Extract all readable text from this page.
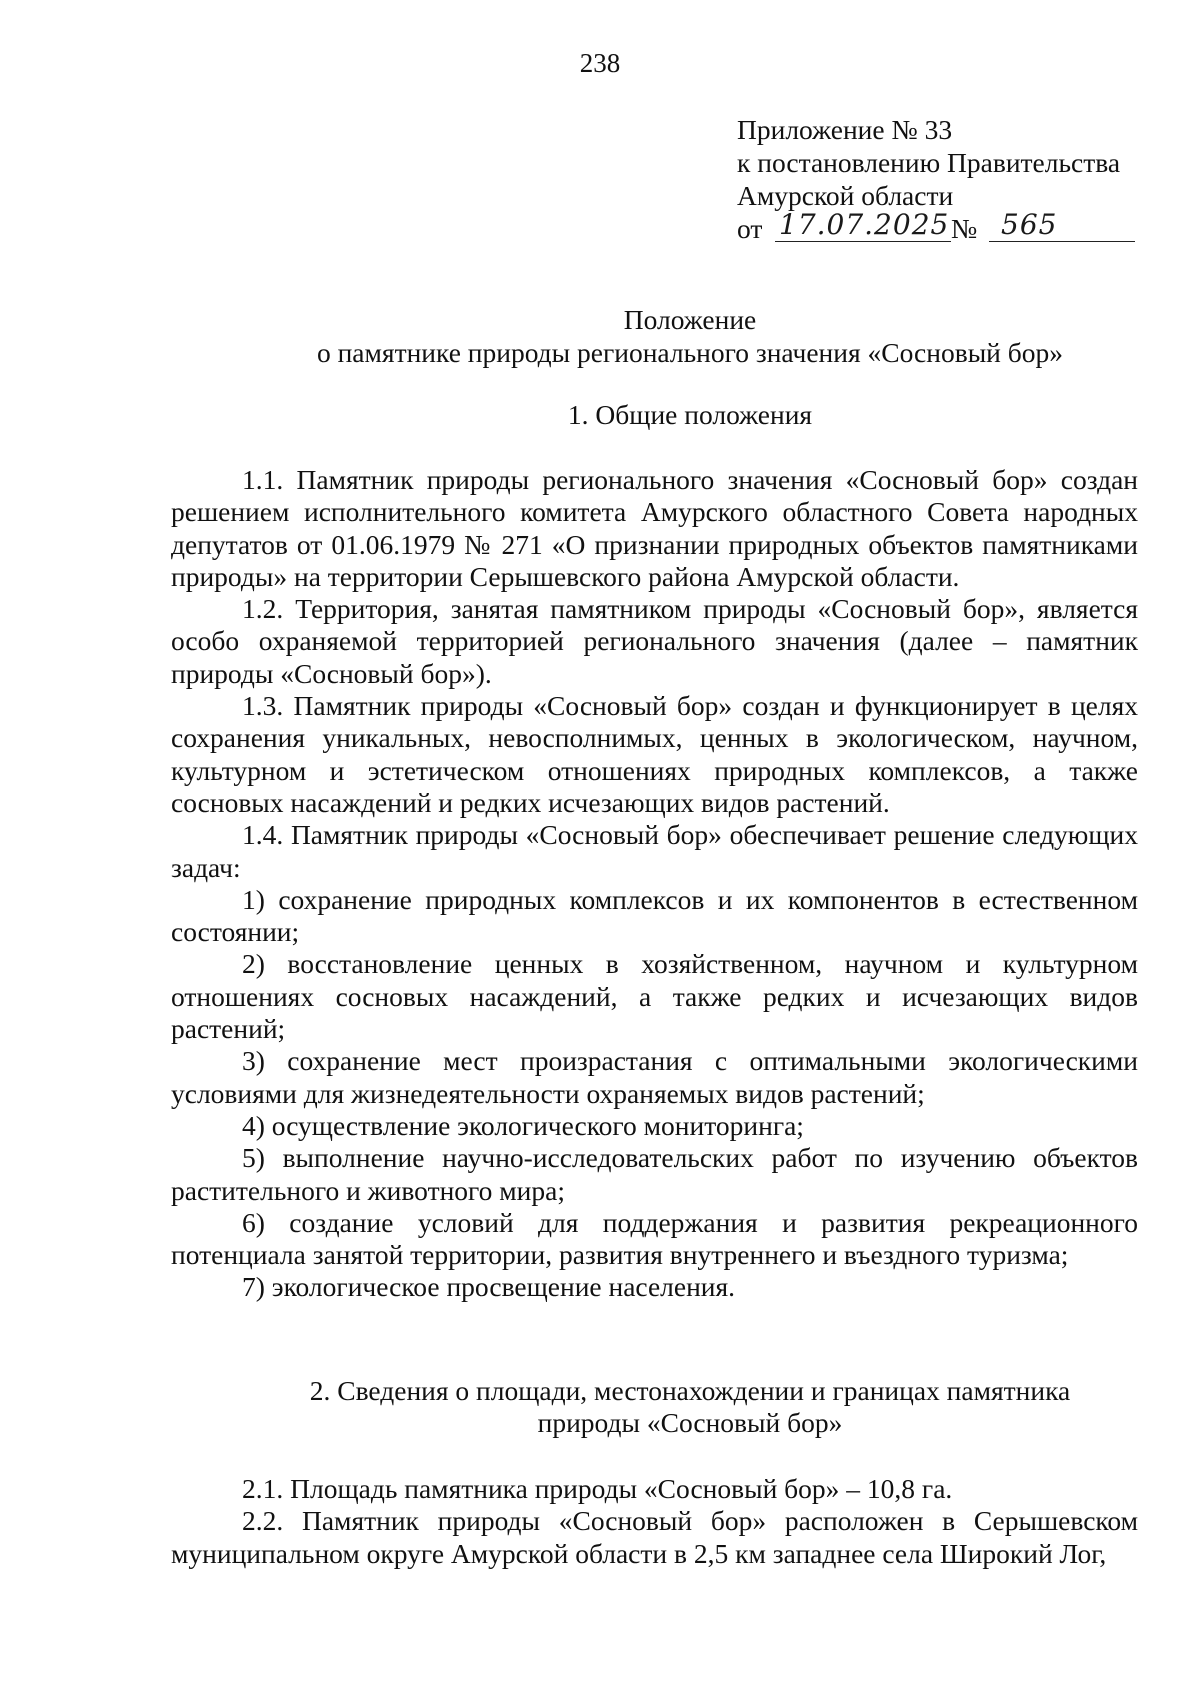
238
Приложение № 33
к постановлению Правительства
Амурской области
от 17.07.2025 № 565
Положение
о памятнике природы регионального значения «Сосновый бор»
1. Общие положения

1.1. Памятник природы регионального значения «Сосновый бор» создан решением исполнительного комитета Амурского областного Совета народных депутатов от 01.06.1979 № 271 «О признании природных объектов памятниками природы» на территории Серышевского района Амурской области.

1.2. Территория, занятая памятником природы «Сосновый бор», является особо охраняемой территорией регионального значения (далее – памятник природы «Сосновый бор»).

1.3. Памятник природы «Сосновый бор» создан и функционирует в целях сохранения уникальных, невосполнимых, ценных в экологическом, научном, культурном и эстетическом отношениях природных комплексов, а также сосновых насаждений и редких исчезающих видов растений.

1.4. Памятник природы «Сосновый бор» обеспечивает решение следующих задач:

1) сохранение природных комплексов и их компонентов в естественном состоянии;

2) восстановление ценных в хозяйственном, научном и культурном отношениях сосновых насаждений, а также редких и исчезающих видов растений;

3) сохранение мест произрастания с оптимальными экологическими условиями для жизнедеятельности охраняемых видов растений;

4) осуществление экологического мониторинга;

5) выполнение научно-исследовательских работ по изучению объектов растительного и животного мира;

6) создание условий для поддержания и развития рекреационного потенциала занятой территории, развития внутреннего и въездного туризма;

7) экологическое просвещение населения.

2. Сведения о площади, местонахождении и границах памятника
природы «Сосновый бор»

2.1. Площадь памятника природы «Сосновый бор» – 10,8 га.

2.2. Памятник природы «Сосновый бор» расположен в Серышевском муниципальном округе Амурской области в 2,5 км западнее села Широкий Лог,
